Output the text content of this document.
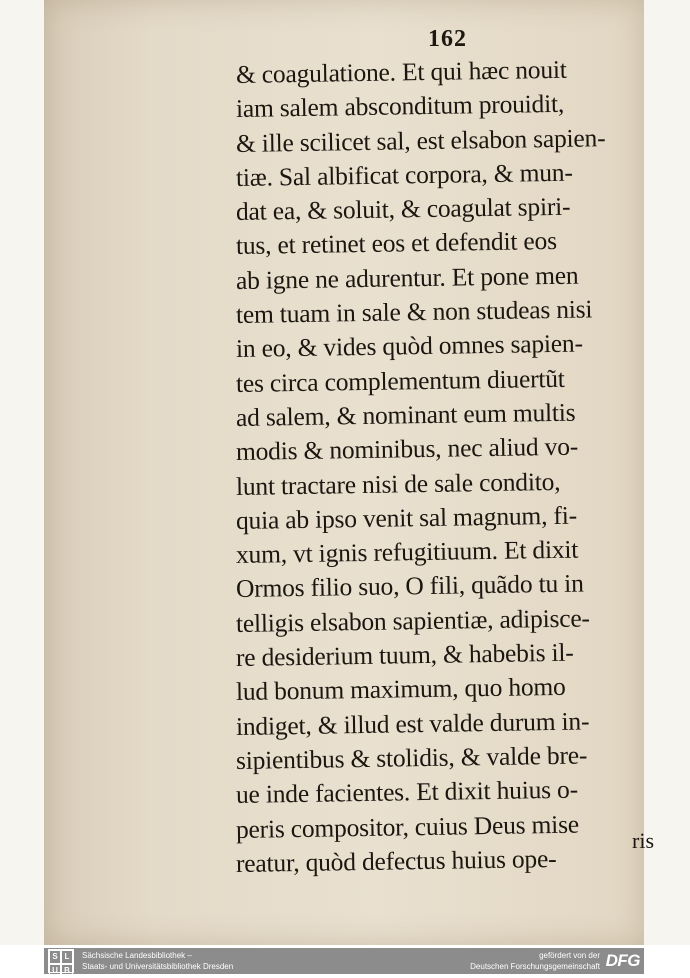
162
& coagulatione. Et qui hæc nouit
iam salem absconditum prouidit,
& ille scilicet sal, est elsabon sapien-
tiæ. Sal albificat corpora, & mun-
dat ea, & soluit, & coagulat spiri-
tus, et retinet eos et defendit eos
ab igne ne adurentur. Et pone men
tem tuam in sale & non studeas nisi
in eo, & vides quòd omnes sapien-
tes circa complementum diuertũt
ad salem, & nominant eum multis
modis & nominibus, nec aliud vo-
lunt tractare nisi de sale condito,
quia ab ipso venit sal magnum, fi-
xum, vt ignis refugitiuum. Et dixit
Ormos filio suo, O fili, quãdo tu in
telligis elsabon sapientiæ, adipisce-
re desiderium tuum, & habebis il-
lud bonum maximum, quo homo
indiget, & illud est valde durum in-
sipientibus & stolidis, & valde bre-
ue inde facientes. Et dixit huius o-
peris compositor, cuius Deus mise
reatur, quòd defectus huius ope-
ris
S L
U B
Sächsische Landesbibliothek –
Staats- und Universitätsbibliothek Dresden
gefördert von der
Deutschen Forschungsgemeinschaft DFG
